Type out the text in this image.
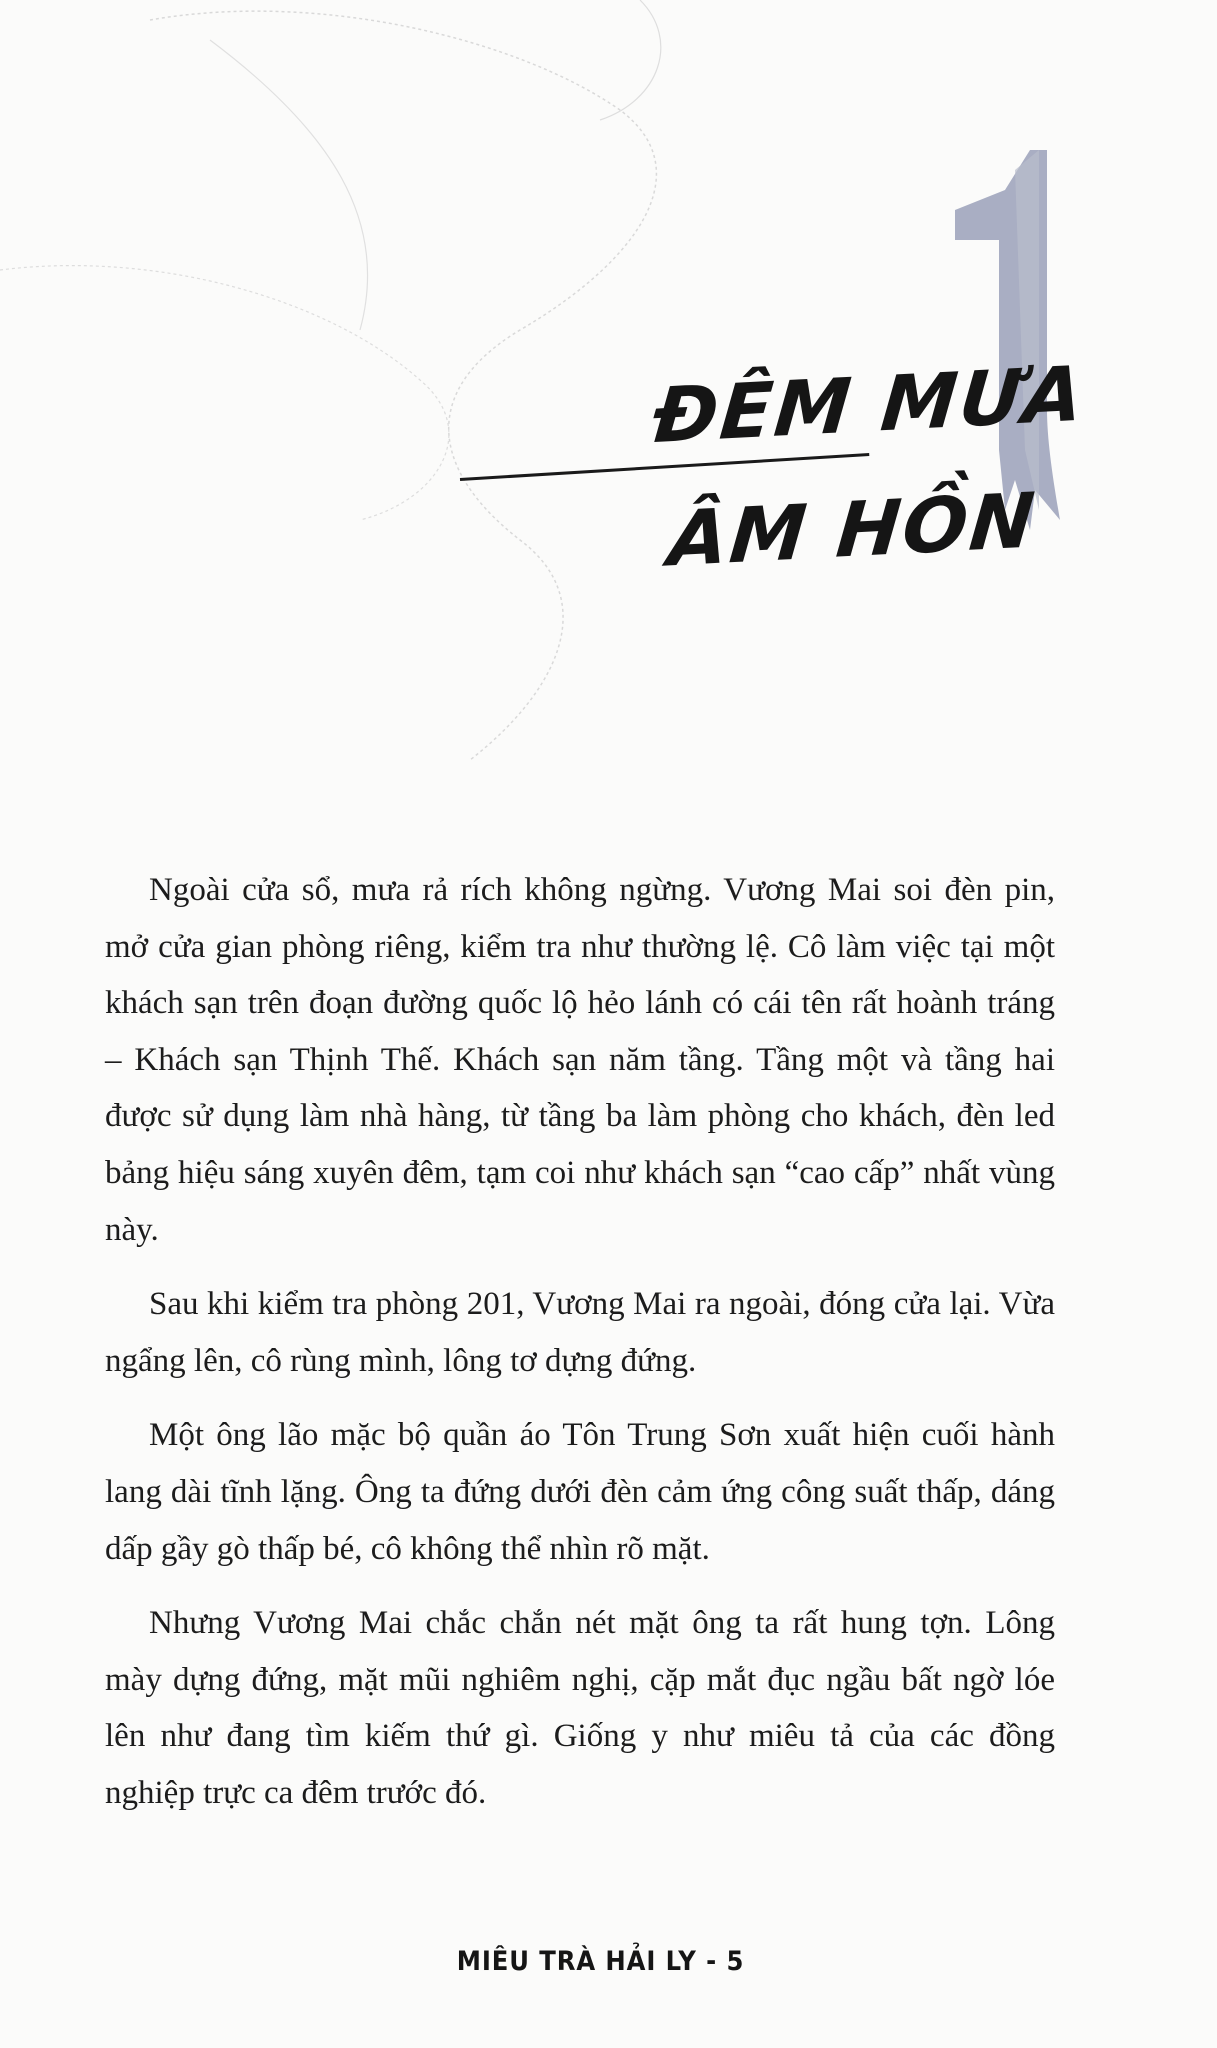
ĐÊM MƯA
ÂM HỒN

Ngoài cửa sổ, mưa rả rích không ngừng. Vương Mai soi đèn pin, mở cửa gian phòng riêng, kiểm tra như thường lệ. Cô làm việc tại một khách sạn trên đoạn đường quốc lộ hẻo lánh có cái tên rất hoành tráng – Khách sạn Thịnh Thế. Khách sạn năm tầng. Tầng một và tầng hai được sử dụng làm nhà hàng, từ tầng ba làm phòng cho khách, đèn led bảng hiệu sáng xuyên đêm, tạm coi như khách sạn “cao cấp” nhất vùng này.

Sau khi kiểm tra phòng 201, Vương Mai ra ngoài, đóng cửa lại. Vừa ngẩng lên, cô rùng mình, lông tơ dựng đứng.

Một ông lão mặc bộ quần áo Tôn Trung Sơn xuất hiện cuối hành lang dài tĩnh lặng. Ông ta đứng dưới đèn cảm ứng công suất thấp, dáng dấp gầy gò thấp bé, cô không thể nhìn rõ mặt.

Nhưng Vương Mai chắc chắn nét mặt ông ta rất hung tợn. Lông mày dựng đứng, mặt mũi nghiêm nghị, cặp mắt đục ngầu bất ngờ lóe lên như đang tìm kiếm thứ gì. Giống y như miêu tả của các đồng nghiệp trực ca đêm trước đó.

MIÊU TRÀ HẢI LY - 5
